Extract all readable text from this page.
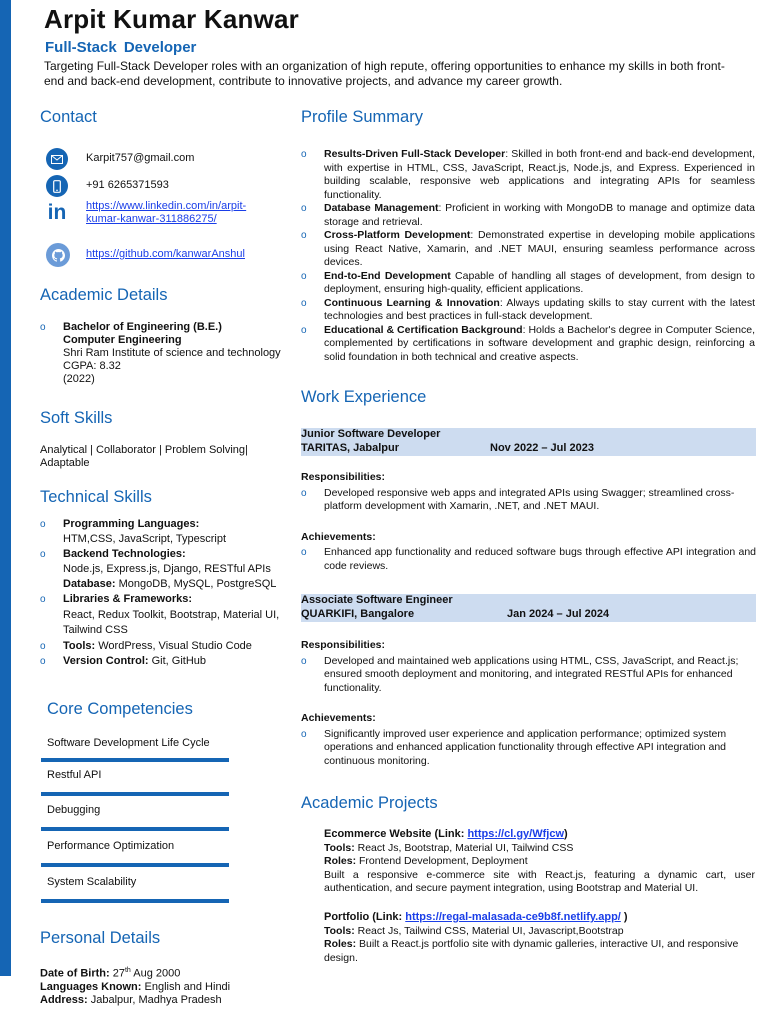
Arpit Kumar Kanwar
Full-Stack Developer
Targeting Full-Stack Developer roles with an organization of high repute, offering opportunities to enhance my skills in both front-end and back-end development, contribute to innovative projects, and advance my career growth.
Contact
Karpit757@gmail.com
+91 6265371593
in https://www.linkedin.com/in/arpit-kumar-kanwar-311886275/
https://github.com/kanwarAnshul
Academic Details
o Bachelor of Engineering (B.E.)
Computer Engineering
Shri Ram Institute of science and technology
CGPA: 8.32
(2022)
Soft Skills
Analytical | Collaborator | Problem Solving| Adaptable
Technical Skills
o Programming Languages:
HTM,CSS, JavaScript, Typescript
o Backend Technologies:
Node.js, Express.js, Django, RESTful APIs
Database: MongoDB, MySQL, PostgreSQL
o Libraries & Frameworks:
React, Redux Toolkit, Bootstrap, Material UI, Tailwind CSS
o Tools: WordPress, Visual Studio Code
o Version Control: Git, GitHub
Core Competencies
Software Development Life Cycle
Restful API
Debugging
Performance Optimization
System Scalability
Personal Details
Date of Birth: 27th Aug 2000
Languages Known: English and Hindi
Address: Jabalpur, Madhya Pradesh
Profile Summary
o Results-Driven Full-Stack Developer: Skilled in both front-end and back-end development, with expertise in HTML, CSS, JavaScript, React.js, Node.js, and Express. Experienced in building scalable, responsive web applications and integrating APIs for seamless functionality.
o Database Management: Proficient in working with MongoDB to manage and optimize data storage and retrieval.
o Cross-Platform Development: Demonstrated expertise in developing mobile applications using React Native, Xamarin, and .NET MAUI, ensuring seamless performance across devices.
o End-to-End Development Capable of handling all stages of development, from design to deployment, ensuring high-quality, efficient applications.
o Continuous Learning & Innovation: Always updating skills to stay current with the latest technologies and best practices in full-stack development.
o Educational & Certification Background: Holds a Bachelor's degree in Computer Science, complemented by certifications in software development and graphic design, reinforcing a solid foundation in both technical and creative aspects.
Work Experience
Junior Software Developer
TARITAS, Jabalpur	Nov 2022 – Jul 2023
Responsibilities:
o Developed responsive web apps and integrated APIs using Swagger; streamlined cross-platform development with Xamarin, .NET, and .NET MAUI.
Achievements:
o Enhanced app functionality and reduced software bugs through effective API integration and code reviews.
Associate Software Engineer
QUARKIFI, Bangalore	Jan 2024 – Jul 2024
Responsibilities:
o Developed and maintained web applications using HTML, CSS, JavaScript, and React.js; ensured smooth deployment and monitoring, and integrated RESTful APIs for enhanced functionality.
Achievements:
o Significantly improved user experience and application performance; optimized system operations and enhanced application functionality through effective API integration and continuous monitoring.
Academic Projects
Ecommerce Website (Link: https://cl.gy/Wfjcw)
Tools: React Js, Bootstrap, Material UI, Tailwind CSS
Roles: Frontend Development, Deployment
Built a responsive e-commerce site with React.js, featuring a dynamic cart, user authentication, and secure payment integration, using Bootstrap and Material UI.
Portfolio (Link: https://regal-malasada-ce9b8f.netlify.app/ )
Tools: React Js, Tailwind CSS, Material UI, Javascript,Bootstrap
Roles: Built a React.js portfolio site with dynamic galleries, interactive UI, and responsive design.
